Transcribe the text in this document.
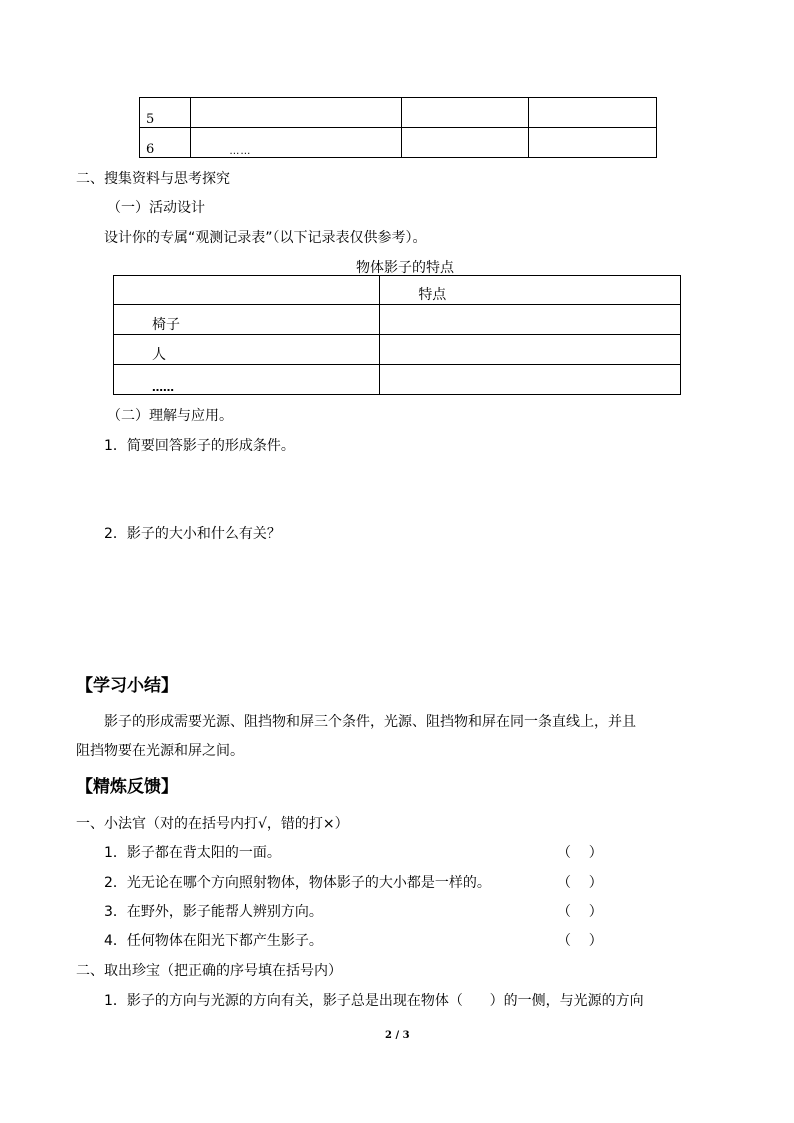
5			
6	……		
二、搜集资料与思考探究
（一）活动设计
设计你的专属“观测记录表”（以下记录表仅供参考）。
物体影子的特点
	特点
椅子	
人	
……	
（二）理解与应用。
1．简要回答影子的形成条件。
2．影子的大小和什么有关？
【学习小结】
影子的形成需要光源、阻挡物和屏三个条件，光源、阻挡物和屏在同一条直线上，并且
阻挡物要在光源和屏之间。
【精炼反馈】
一、小法官（对的在括号内打√，错的打×）
1．影子都在背太阳的一面。	（    ）
2．光无论在哪个方向照射物体，物体影子的大小都是一样的。	（    ）
3．在野外，影子能帮人辨别方向。	（    ）
4．任何物体在阳光下都产生影子。	（    ）
二、取出珍宝（把正确的序号填在括号内）
1．影子的方向与光源的方向有关，影子总是出现在物体（      ）的一侧，与光源的方向
2 / 3
